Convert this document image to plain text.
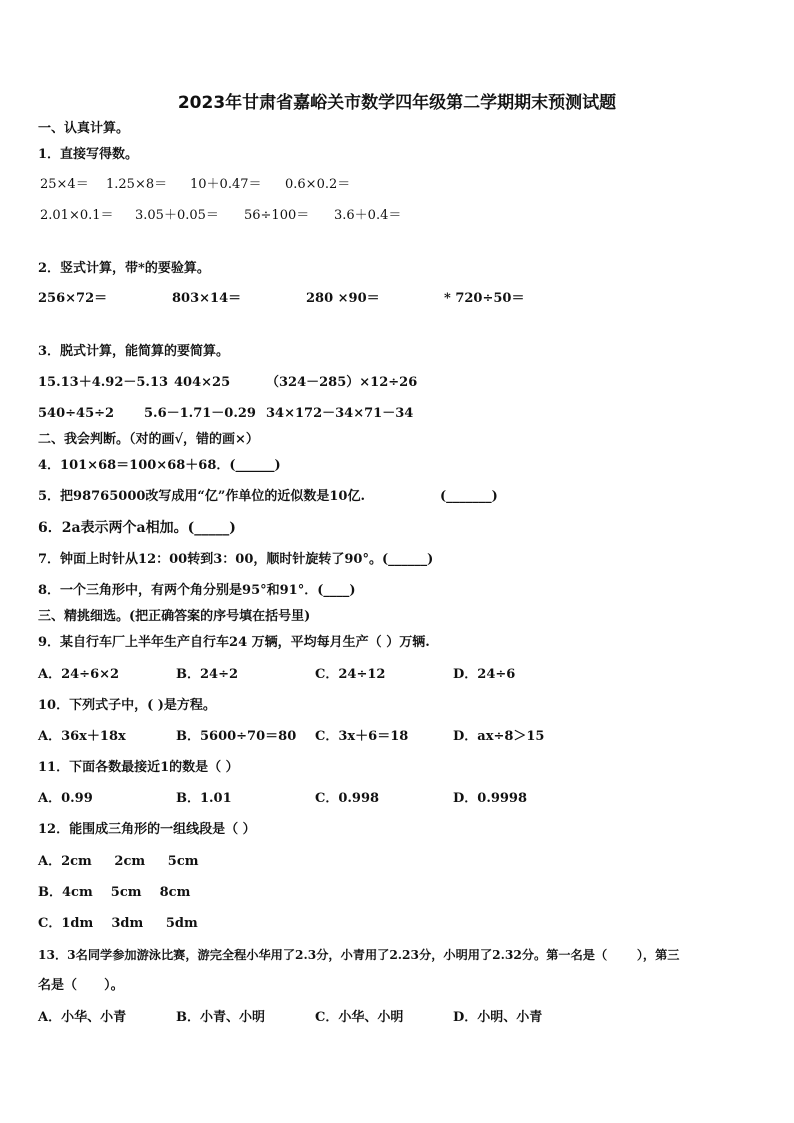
2023年甘肃省嘉峪关市数学四年级第二学期期末预测试题
一、认真计算。
1．直接写得数。
25×4＝ 1.25×8＝ 10＋0.47＝ 0.6×0.2＝
2.01×0.1＝ 3.05＋0.05＝ 56÷100＝ 3.6＋0.4＝
2．竖式计算，带*的要验算。
256×72＝	803×14＝	280 ×90＝	* 720÷50＝
3．脱式计算，能简算的要简算。
15.13＋4.92－5.13 404×25	（324－285）×12÷26
540÷45÷2 5.6－1.71－0.29 34×172－34×71－34
二、我会判断。（对的画√，错的画×）
4．101×68＝100×68＋68．(______)
5．把98765000改写成用“亿”作单位的近似数是10亿.	(_______)
6．2a表示两个a相加。(_____)
7．钟面上时针从12：00转到3：00，顺时针旋转了90°。(______)
8．一个三角形中，有两个角分别是95°和91°．(____)
三、精挑细选。(把正确答案的序号填在括号里)
9．某自行车厂上半年生产自行车24 万辆，平均每月生产（ ）万辆.
A．24÷6×2	B．24÷2	C．24÷12	D．24÷6
10．下列式子中，( )是方程。
A．36x＋18x	B．5600÷70＝80 C．3x＋6＝18	D．ax÷8＞15
11．下面各数最接近1的数是（ ）
A．0.99	B．1.01	C．0.998	D．0.9998
12．能围成三角形的一组线段是（ ）
A．2cm     2cm     5cm
B．4cm    5cm    8cm
C．1dm    3dm     5dm
13．3名同学参加游泳比赛，游完全程小华用了2.3分，小青用了2.23分，小明用了2.32分。第一名是（       ），第三
名是（      ）。
A．小华、小青	B．小青、小明	C．小华、小明	D．小明、小青
